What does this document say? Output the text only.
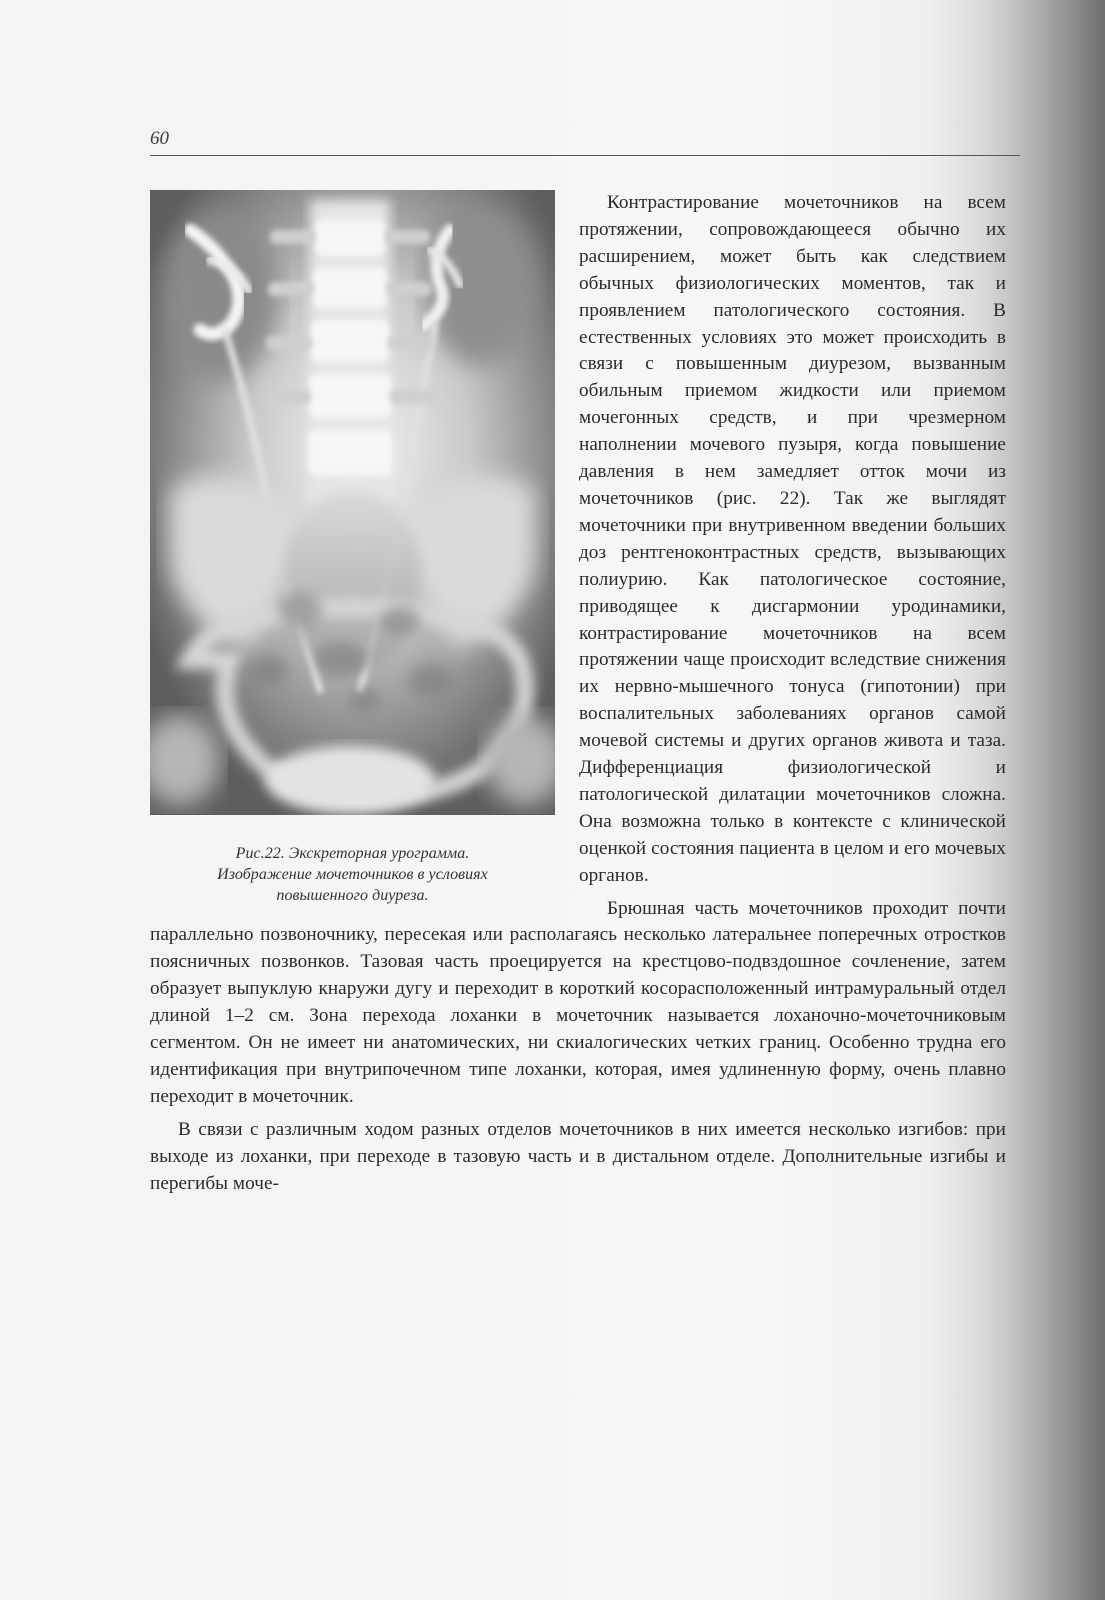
60
Рис.22. Экскреторная урограмма.
Изображение мочеточников в условиях
повышенного диуреза.

Контрастирование мочеточников на всем протяжении, сопровождающееся обычно их расширением, может быть как следствием обычных физиологических моментов, так и проявлением патологического состояния. В естественных условиях это может происходить в связи с повышенным диурезом, вызванным обильным приемом жидкости или приемом мочегонных средств, и при чрезмерном наполнении мочевого пузыря, когда повышение давления в нем замедляет отток мочи из мочеточников (рис. 22). Так же выглядят мочеточники при внутривенном введении больших доз рентгеноконтрастных средств, вызывающих полиурию. Как патологическое состояние, приводящее к дисгармонии уродинамики, контрастирование мочеточников на всем протяжении чаще происходит вследствие снижения их нервно-мышечного тонуса (гипотонии) при воспалительных заболеваниях органов самой мочевой системы и других органов живота и таза. Дифференциация физиологической и патологической дилатации мочеточников сложна. Она возможна только в контексте с клинической оценкой состояния пациента в целом и его мочевых органов.

Брюшная часть мочеточников проходит почти параллельно позвоночнику, пересекая или располагаясь несколько латеральнее поперечных отростков поясничных позвонков. Тазовая часть проецируется на крестцово-подвздошное сочленение, затем образует выпуклую кнаружи дугу и переходит в короткий косорасположенный интрамуральный отдел длиной 1–2 см. Зона перехода лоханки в мочеточник называется лоханочно-мочеточниковым сегментом. Он не имеет ни анатомических, ни скиалогических четких границ. Особенно трудна его идентификация при внутрипочечном типе лоханки, которая, имея удлиненную форму, очень плавно переходит в мочеточник.

В связи с различным ходом разных отделов мочеточников в них имеется несколько изгибов: при выходе из лоханки, при переходе в тазовую часть и в дистальном отделе. Дополнительные изгибы и перегибы моче-
